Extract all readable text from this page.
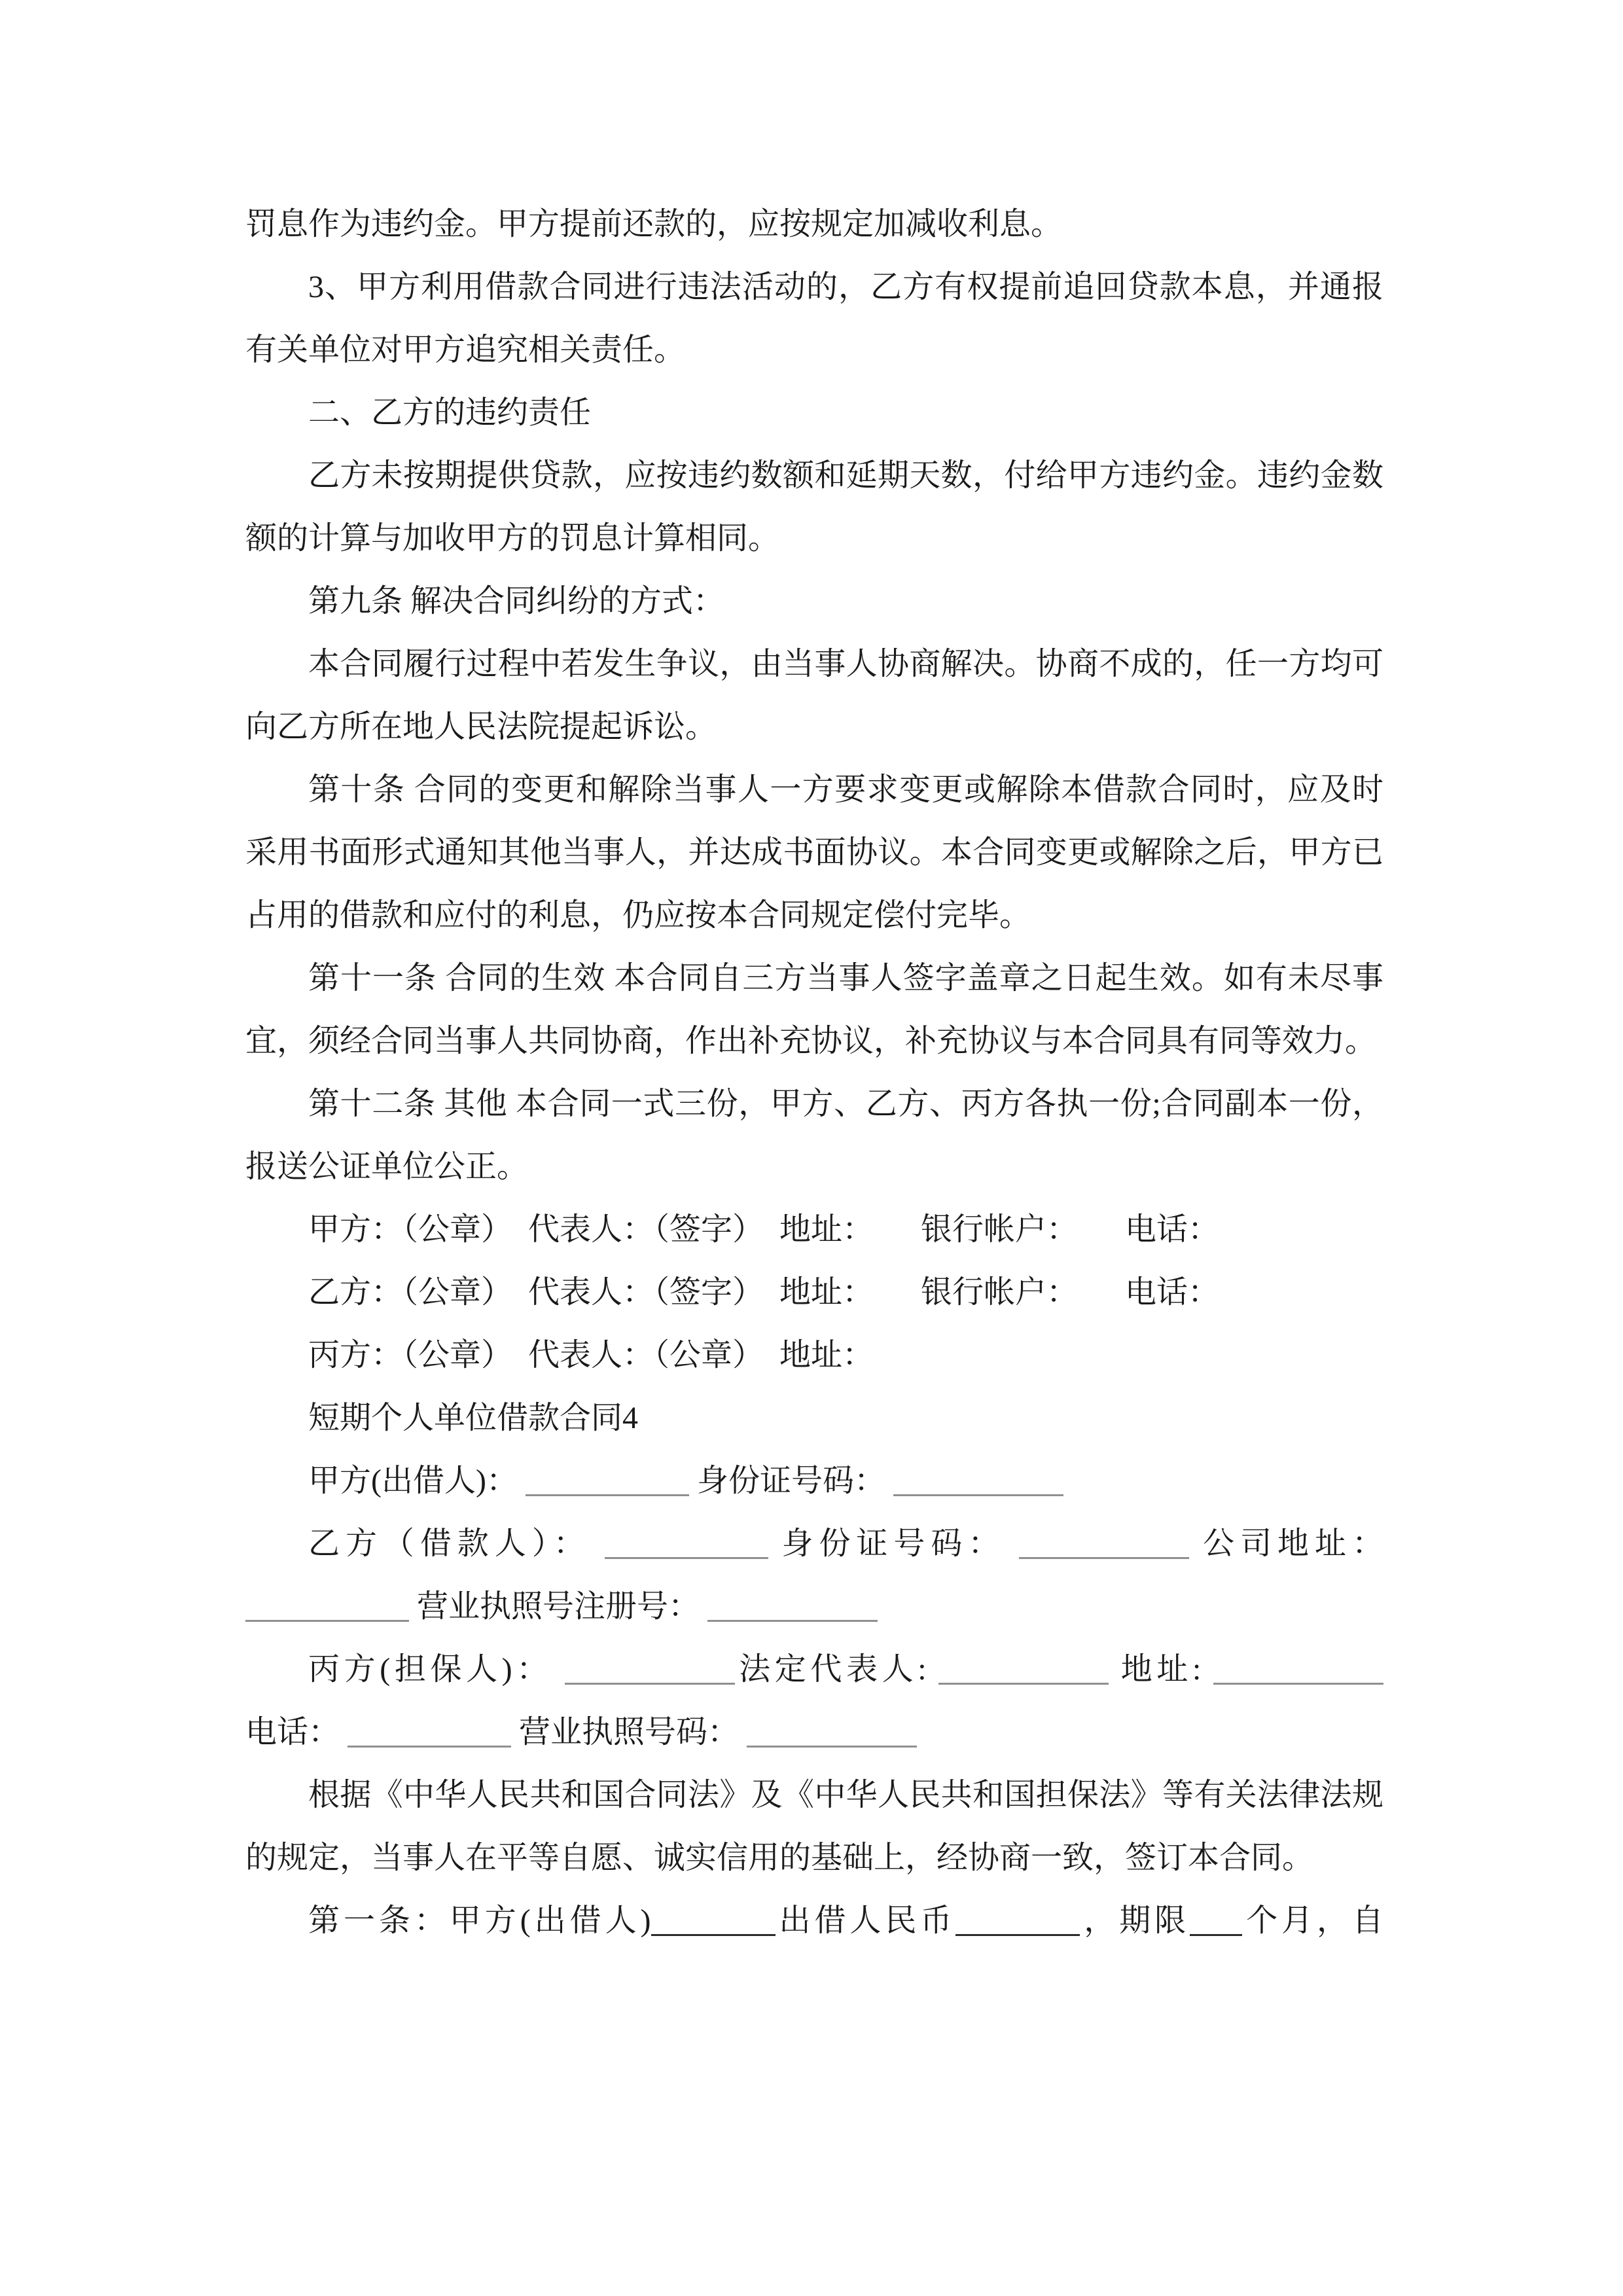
罚息作为违约金。甲方提前还款的，应按规定加减收利息。

3、甲方利用借款合同进行违法活动的，乙方有权提前追回贷款本息，并通报有关单位对甲方追究相关责任。

二、乙方的违约责任

乙方未按期提供贷款，应按违约数额和延期天数，付给甲方违约金。违约金数额的计算与加收甲方的罚息计算相同。

第九条 解决合同纠纷的方式：

本合同履行过程中若发生争议，由当事人协商解决。协商不成的，任一方均可向乙方所在地人民法院提起诉讼。

第十条 合同的变更和解除当事人一方要求变更或解除本借款合同时，应及时采用书面形式通知其他当事人，并达成书面协议。本合同变更或解除之后，甲方已占用的借款和应付的利息，仍应按本合同规定偿付完毕。

第十一条 合同的生效 本合同自三方当事人签字盖章之日起生效。如有未尽事宜，须经合同当事人共同协商，作出补充协议，补充协议与本合同具有同等效力。

第十二条 其他 本合同一式三份，甲方、乙方、丙方各执一份;合同副本一份，报送公证单位公正。

甲方：（公章）　代表人：（签字）　地址：　　银行帐户：　　电话：

乙方：（公章）　代表人：（签字）　地址：　　银行帐户：　　电话：

丙方：（公章）　代表人：（公章）　地址：

短期个人单位借款合同4

甲方(出借人)：	身份证号码：

乙方（借款人）：	身份证号码：	公司地址：

营业执照号注册号：

丙方(担保人)：	法定代表人:	地址:

电话：	营业执照号码：

根据《中华人民共和国合同法》及《中华人民共和国担保法》等有关法律法规的规定，当事人在平等自愿、诚实信用的基础上，经协商一致，签订本合同。

第一条：甲方(出借人)	出借人民币	，期限 个月，自
